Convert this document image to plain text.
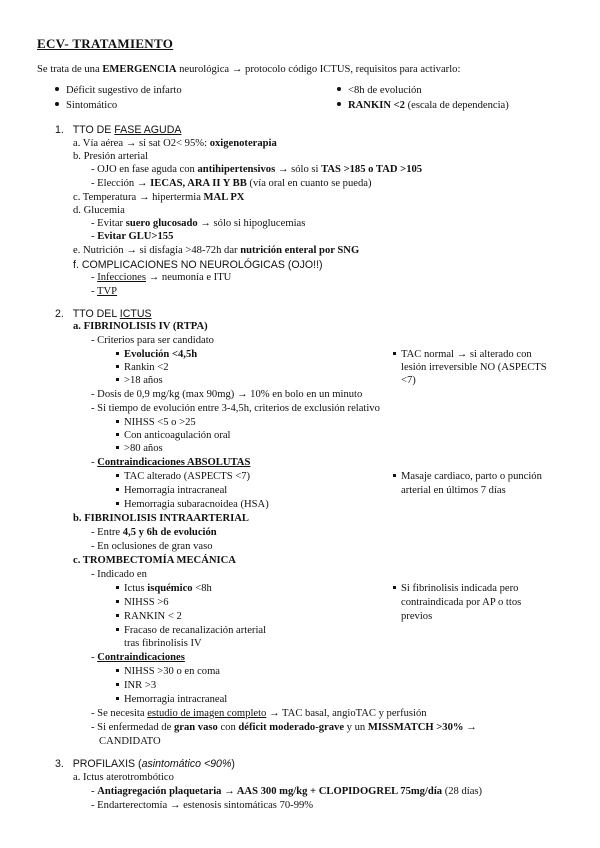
ECV- TRATAMIENTO
Se trata de una EMERGENCIA neurológica → protocolo código ICTUS, requisitos para activarlo:
Déficit sugestivo de infarto
Sintomático
<8h de evolución
RANKIN <2 (escala de dependencia)
1. TTO DE FASE AGUDA
a. Vía aérea → si sat O2< 95%: oxigenoterapia
b. Presión arterial
- OJO en fase aguda con antihipertensivos → sólo si TAS >185 o TAD >105
- Elección → IECAS, ARA II Y BB (vía oral en cuanto se pueda)
c. Temperatura → hipertermia MAL PX
d. Glucemia
- Evitar suero glucosado → sólo si hipoglucemias
- Evitar GLU>155
e. Nutrición → si disfagia >48-72h dar nutrición enteral por SNG
f. COMPLICACIONES NO NEUROLÓGICAS (OJO!!)
- Infecciones → neumonía e ITU
- TVP
2. TTO DEL ICTUS
a. FIBRINOLISIS IV (RTPA)
- Criterios para ser candidato
Evolución <4,5h
Rankin <2
>18 años
TAC normal → si alterado con
lesión irreversible NO (ASPECTS
<7)
- Dosis de 0,9 mg/kg (max 90mg) → 10% en bolo en un minuto
- Si tiempo de evolución entre 3-4,5h, criterios de exclusión relativo
NIHSS <5 o >25
Con anticoagulación oral
>80 años
- Contraindicaciones ABSOLUTAS
TAC alterado (ASPECTS <7)
Hemorragia intracraneal
Hemorragia subaracnoidea (HSA)
Masaje cardiaco, parto o punción
arterial en últimos 7 días
b. FIBRINOLISIS INTRAARTERIAL
- Entre 4,5 y 6h de evolución
- En oclusiones de gran vaso
c. TROMBECTOMÍA MECÁNICA
- Indicado en
Ictus isquémico <8h
NIHSS >6
RANKIN < 2
Fracaso de recanalización arterial
tras fibrinolisis IV
Si fibrinolisis indicada pero
contraindicada por AP o ttos
previos
- Contraindicaciones
NIHSS >30 o en coma
INR >3
Hemorragia intracraneal
- Se necesita estudio de imagen completo → TAC basal, angioTAC y perfusión
- Si enfermedad de gran vaso con déficit moderado-grave y un MISSMATCH >30% →
CANDIDATO
3. PROFILAXIS (asintomático <90%)
a. Ictus aterotrombótico
- Antiagregación plaquetaria → AAS 300 mg/kg + CLOPIDOGREL 75mg/día (28 días)
- Endarterectomía → estenosis sintomáticas 70-99%
